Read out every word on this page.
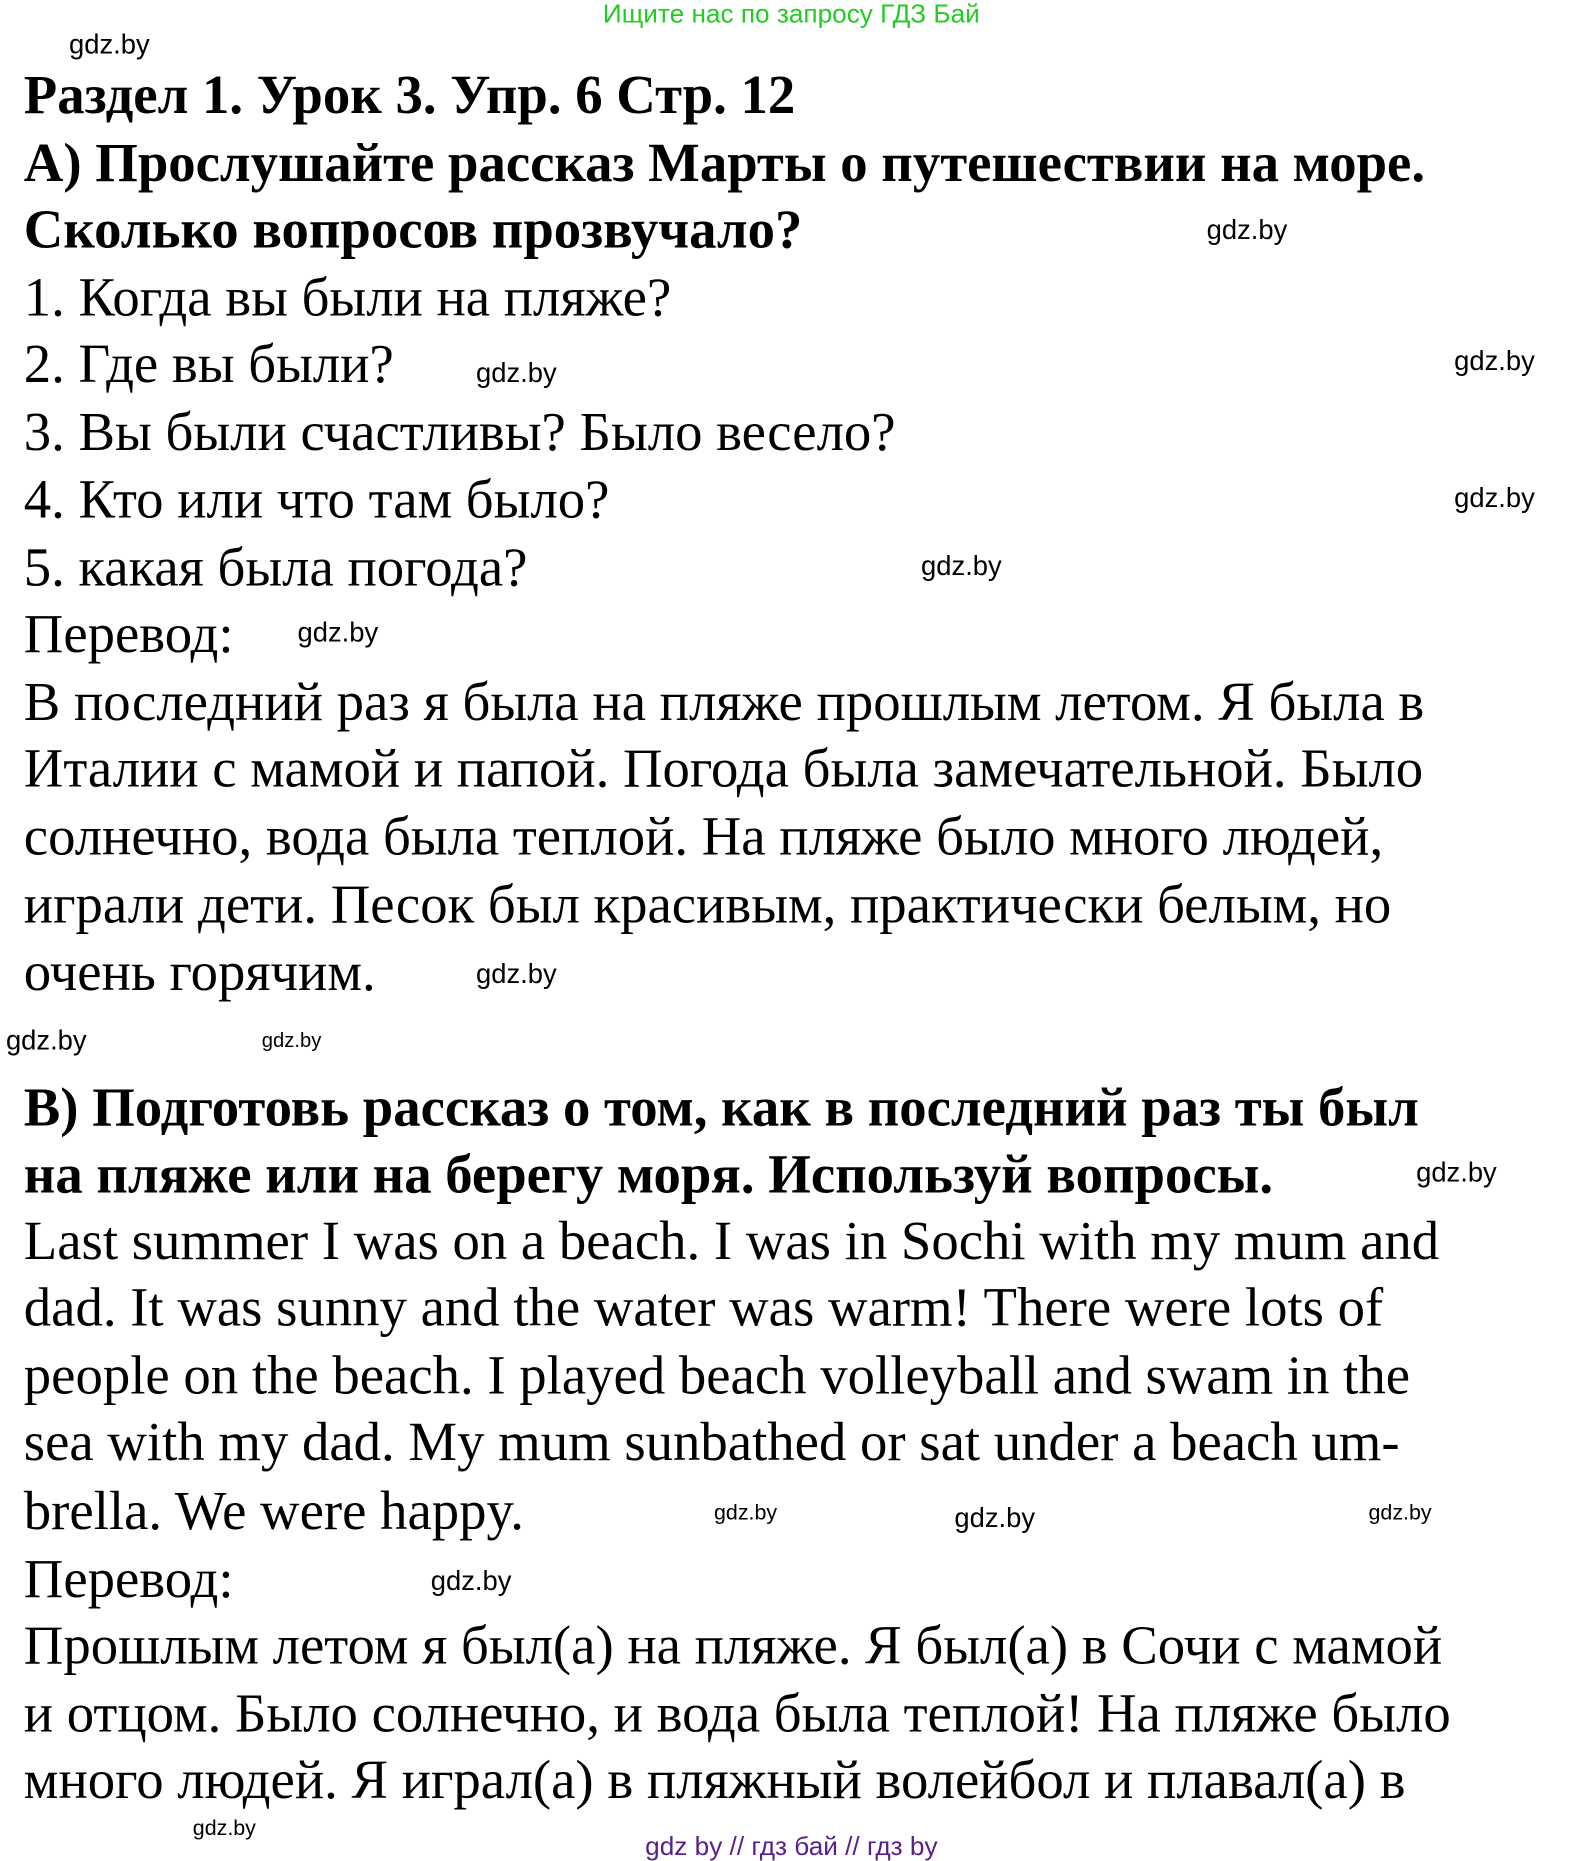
Ищите нас по запросу ГДЗ Бай
Раздел 1. Урок 3. Упр. 6 Стр. 12
А) Прослушайте рассказ Марты о путешествии на море.
Сколько вопросов прозвучало?
1. Когда вы были на пляже?
2. Где вы были?
3. Вы были счастливы? Было весело?
4. Кто или что там было?
5. какая была погода?
Перевод:
В последний раз я была на пляже прошлым летом. Я была в
Италии с мамой и папой. Погода была замечательной. Было
солнечно, вода была теплой. На пляже было много людей,
играли дети. Песок был красивым, практически белым, но
очень горячим.
В) Подготовь рассказ о том, как в последний раз ты был
на пляже или на берегу моря. Используй вопросы.
Last summer I was on a beach. I was in Sochi with my mum and
dad. It was sunny and the water was warm! There were lots of
people on the beach. I played beach volleyball and swam in the
sea with my dad. My mum sunbathed or sat under a beach um-
brella. We were happy.
Перевод:
Прошлым летом я был(а) на пляже. Я был(а) в Сочи с мамой
и отцом. Было солнечно, и вода была теплой! На пляже было
много людей. Я играл(а) в пляжный волейбол и плавал(а) в
gdz.by
gdz.by
gdz.by
gdz.by
gdz.by
gdz.by
gdz.by
gdz.by
gdz.by
gdz.by
gdz.by
gdz.by	gdz.by
gdz.by
gdz.by
gdz.by
gdz by // гдз бай // гдз by
